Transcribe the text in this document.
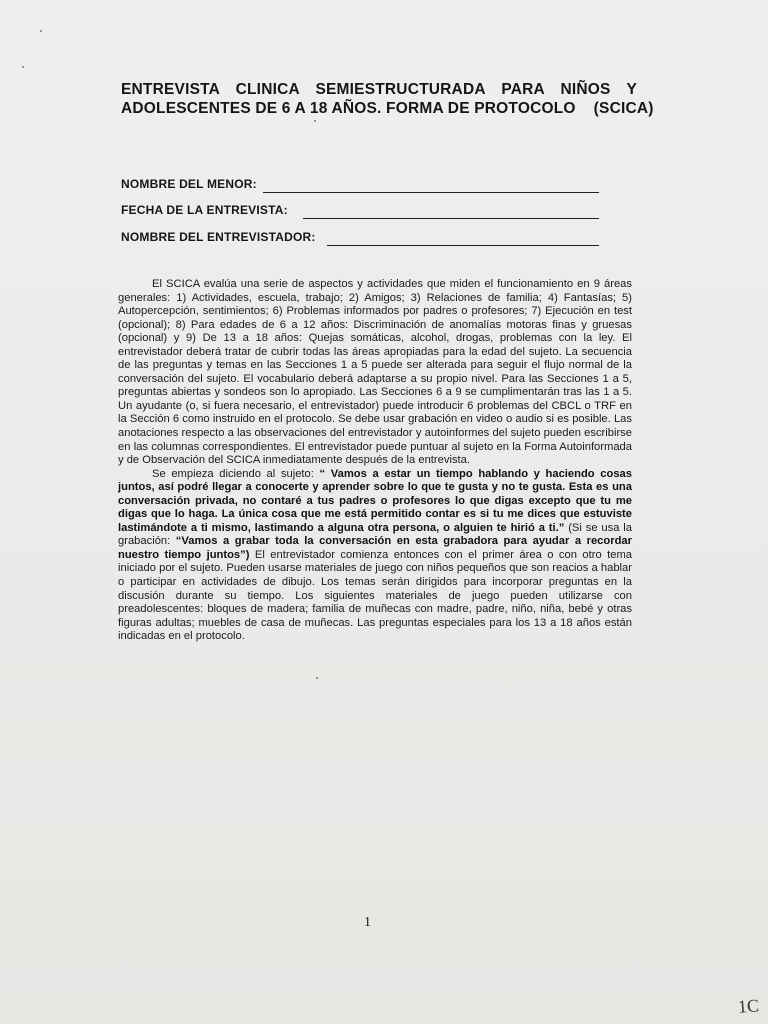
ENTREVISTA CLINICA SEMIESTRUCTURADA PARA NIÑOS Y
ADOLESCENTES DE 6 A 18 AÑOS. FORMA DE PROTOCOLO    (SCICA)
NOMBRE DEL MENOR:
FECHA DE LA ENTREVISTA:
NOMBRE DEL ENTREVISTADOR:

El SCICA evalúa una serie de aspectos y actividades que miden el funcionamiento en 9 áreas generales: 1) Actividades, escuela, trabajo; 2) Amigos; 3) Relaciones de familia; 4) Fantasías; 5) Autopercepción, sentimientos; 6) Problemas informados por padres o profesores; 7) Ejecución en test (opcional); 8) Para edades de 6 a 12 años: Discriminación de anomalías motoras finas y gruesas (opcional) y 9) De 13 a 18 años: Quejas somáticas, alcohol, drogas, problemas con la ley. El entrevistador deberá tratar de cubrir todas las áreas apropiadas para la edad del sujeto. La secuencia de las preguntas y temas en las Secciones 1 a 5 puede ser alterada para seguir el flujo normal de la conversación del sujeto. El vocabulario deberá adaptarse a su propio nivel. Para las Secciones 1 a 5, preguntas abiertas y sondeos son lo apropiado. Las Secciones 6 a 9 se cumplimentarán tras las 1 a 5. Un ayudante (o, si fuera necesario, el entrevistador) puede introducir 6 problemas del CBCL o TRF en la Sección 6 como instruido en el protocolo. Se debe usar grabación en video o audio si es posible. Las anotaciones respecto a las observaciones del entrevistador y autoinformes del sujeto pueden escribirse en las columnas correspondientes. El entrevistador puede puntuar al sujeto en la Forma Autoinformada y de Observación del SCICA inmediatamente después de la entrevista.

Se empieza diciendo al sujeto: “ Vamos a estar un tiempo hablando y haciendo cosas juntos, así podré llegar a conocerte y aprender sobre lo que te gusta y no te gusta. Esta es una conversación privada, no contaré a tus padres o profesores lo que digas excepto que tu me digas que lo haga. La única cosa que me está permitido contar es si tu me dices que estuviste lastimándote a ti mismo, lastimando a alguna otra persona, o alguien te hirió a ti.” (Si se usa la grabación: “Vamos a grabar toda la conversación en esta grabadora para ayudar a recordar nuestro tiempo juntos”) El entrevistador comienza entonces con el primer área o con otro tema iniciado por el sujeto. Pueden usarse materiales de juego con niños pequeños que son reacios a hablar o participar en actividades de dibujo. Los temas serán dirigidos para incorporar preguntas en la discusión durante su tiempo. Los siguientes materiales de juego pueden utilizarse con preadolescentes: bloques de madera; familia de muñecas con madre, padre, niño, niña, bebé y otras figuras adultas; muebles de casa de muñecas. Las preguntas especiales para los 13 a 18 años están indicadas en el protocolo.

1
1C
